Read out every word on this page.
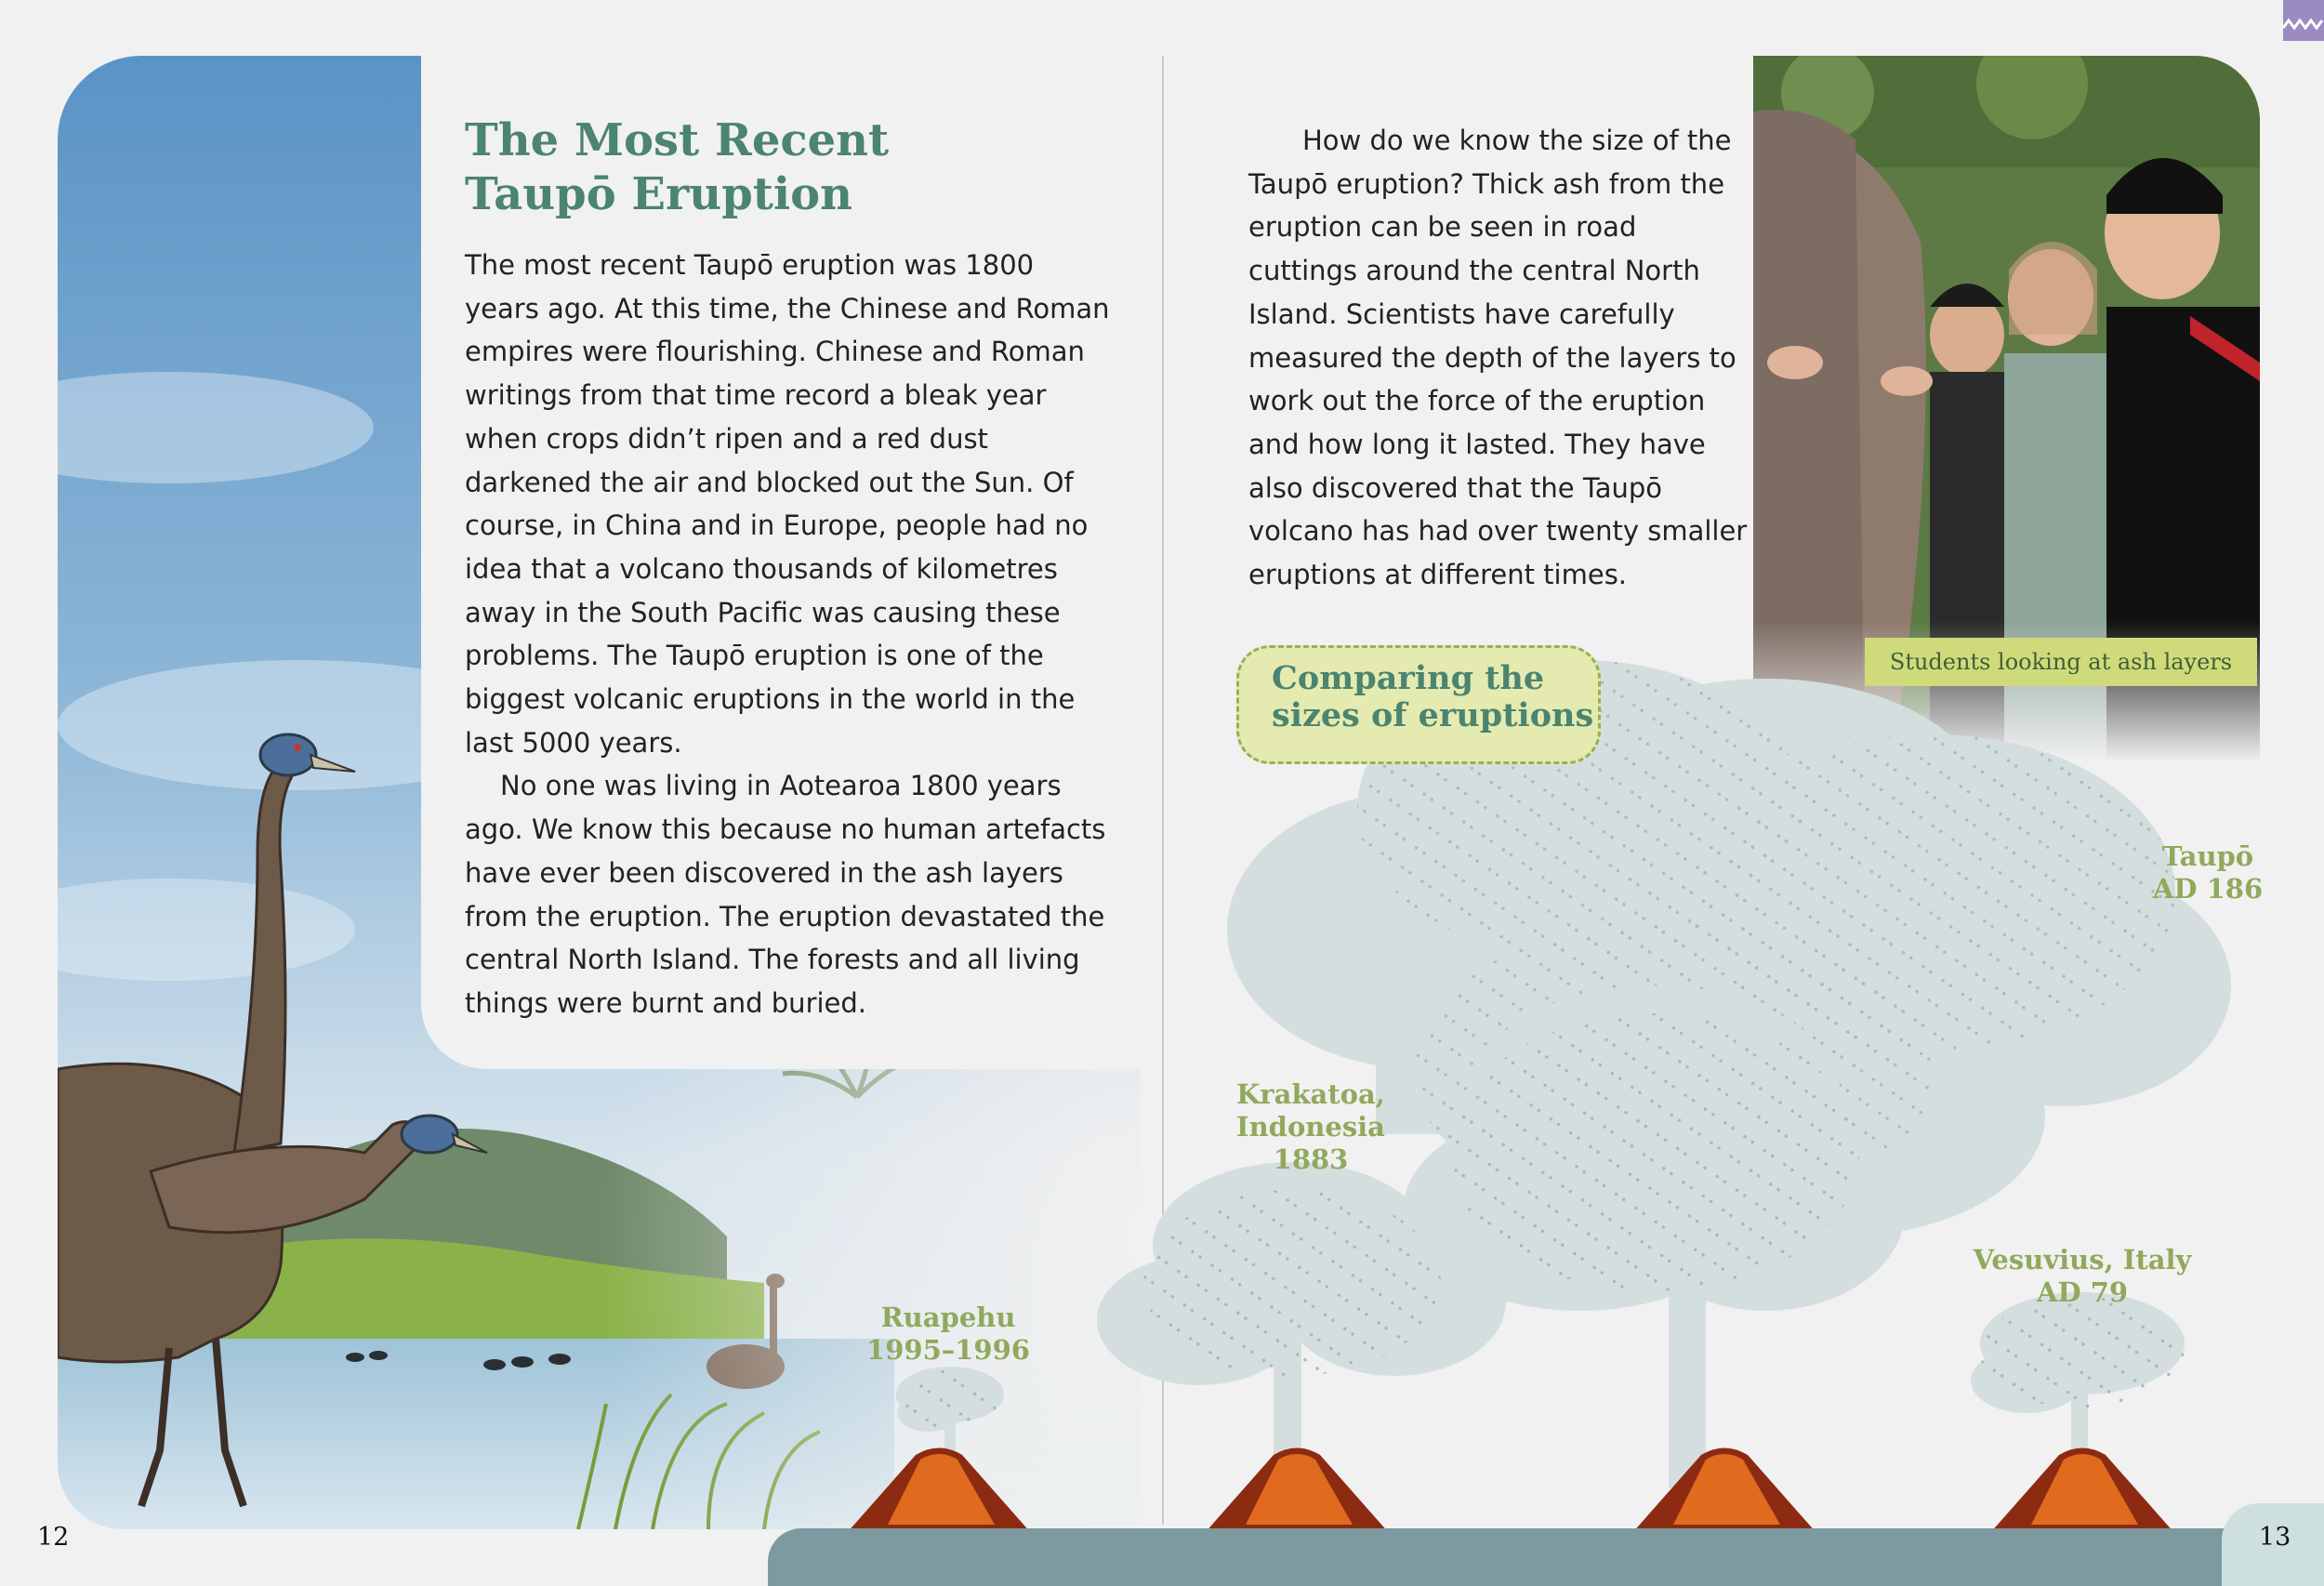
The Most Recent
Taupō Eruption

The most recent Taupō eruption was 1800 years ago. At this time, the Chinese and Roman empires were flourishing. Chinese and Roman writings from that time record a bleak year when crops didn’t ripen and a red dust darkened the air and blocked out the Sun. Of course, in China and in Europe, people had no idea that a volcano thousands of kilometres away in the South Pacific was causing these problems. The Taupō eruption is one of the biggest volcanic eruptions in the world in the last 5000 years.

No one was living in Aotearoa 1800 years ago. We know this because no human artefacts have ever been discovered in the ash layers from the eruption. The eruption devastated the central North Island. The forests and all living things were burnt and buried.

How do we know the size of the Taupō eruption? Thick ash from the eruption can be seen in road cuttings around the central North Island. Scientists have carefully measured the depth of the layers to work out the force of the eruption and how long it lasted. They have also discovered that the Taupō volcano has had over twenty smaller eruptions at different times.

Students looking at ash layers
Comparing the
sizes of eruptions
Ruapehu
1995–1996
Krakatoa,
Indonesia
1883
Taupō
AD 186
Vesuvius, Italy
AD 79
12	13
